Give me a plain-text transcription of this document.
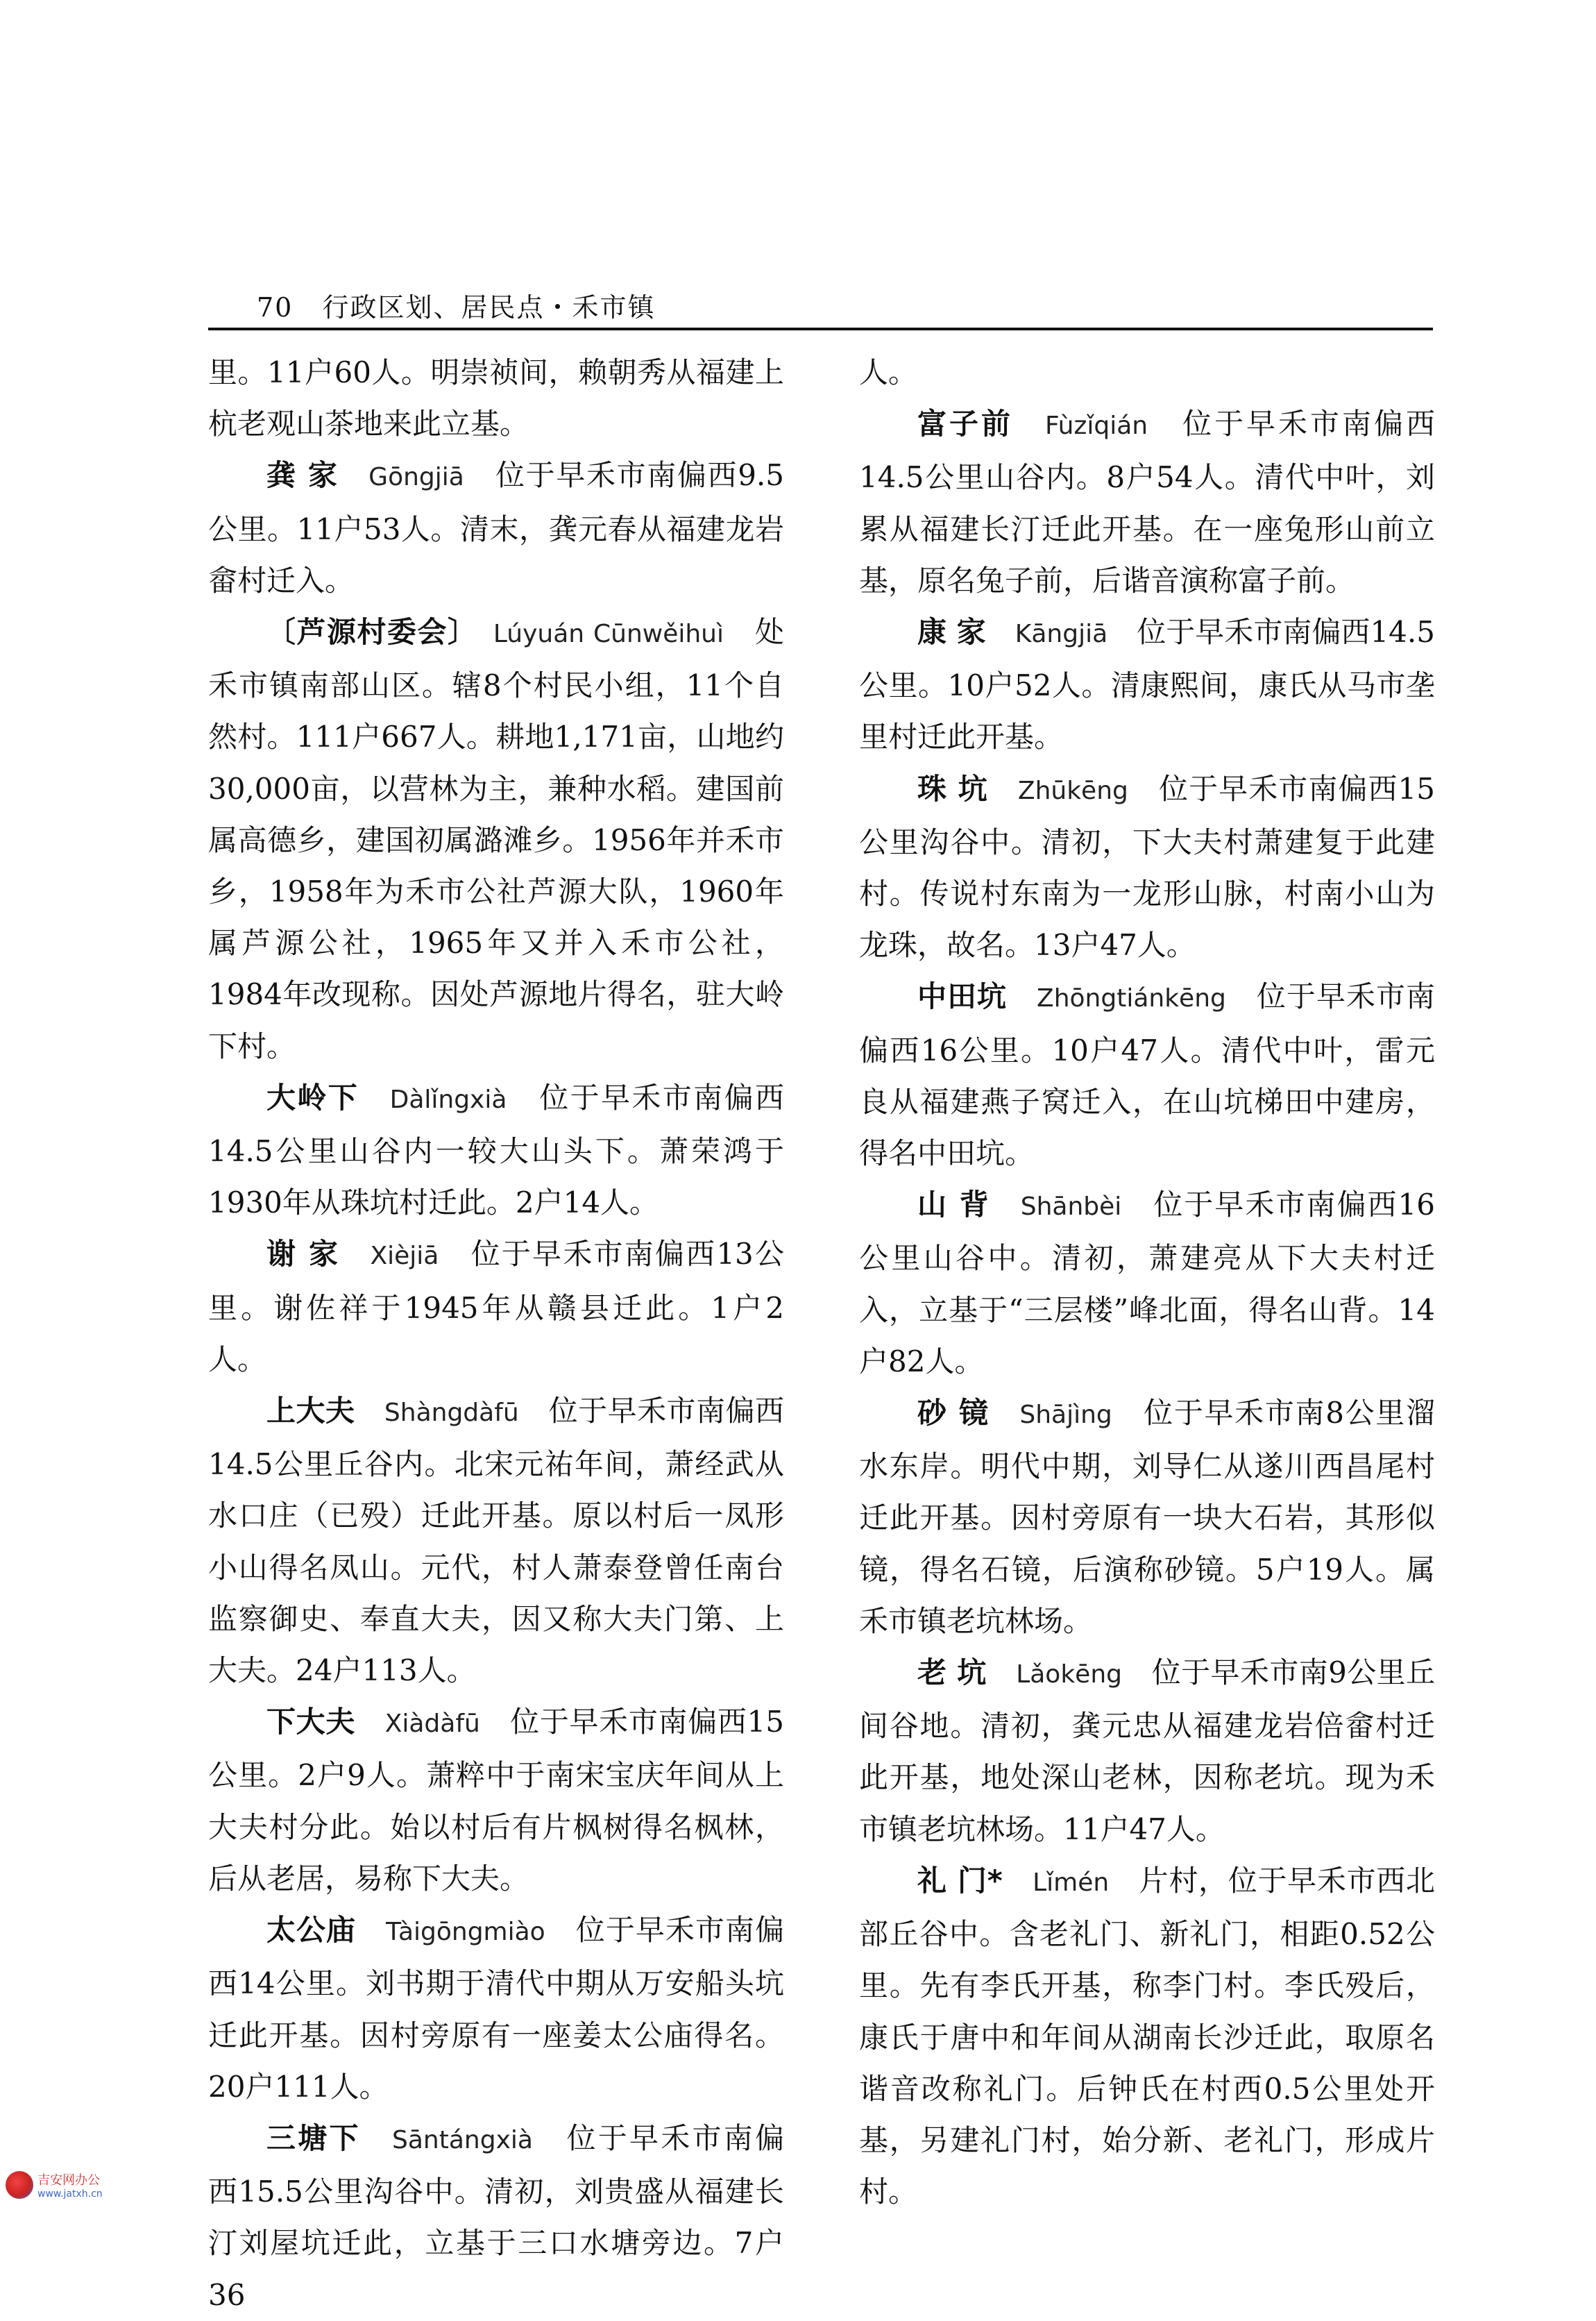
70 行政区划、居民点・禾市镇

里。11户60人。明崇祯间，赖朝秀从福建上杭老观山茶地来此立基。

龚 家　 Gōngjiā　 位于早禾市南偏西9.5公里。11户53人。清末，龚元春从福建龙岩畲村迁入。

〔芦源村委会〕　 Lúyuán Cūnwěihuì　 处禾市镇南部山区。辖8个村民小组，11个自然村。111户667人。耕地1,171亩，山地约30,000亩，以营林为主，兼种水稻。建国前属高德乡，建国初属潞滩乡。1956年并禾市乡，1958年为禾市公社芦源大队，1960年属芦源公社，1965年又并入禾市公社，1984年改现称。因处芦源地片得名，驻大岭下村。

大岭下　 Dàlǐngxià　 位于早禾市南偏西14.5公里山谷内一较大山头下。萧荣鸿于1930年从珠坑村迁此。2户14人。

谢 家　 Xièjiā　 位于早禾市南偏西13公里。谢佐祥于1945年从赣县迁此。1户2人。

上大夫　 Shàngdàfū　 位于早禾市南偏西14.5公里丘谷内。北宋元祐年间，萧经武从水口庄（已殁）迁此开基。原以村后一凤形小山得名凤山。元代，村人萧泰登曾任南台监察御史、奉直大夫，因又称大夫门第、上大夫。24户113人。

下大夫　 Xiàdàfū　 位于早禾市南偏西15公里。2户9人。萧粹中于南宋宝庆年间从上大夫村分此。始以村后有片枫树得名枫林，后从老居，易称下大夫。

太公庙　 Tàigōngmiào　 位于早禾市南偏西14公里。刘书期于清代中期从万安船头坑迁此开基。因村旁原有一座姜太公庙得名。20户111人。

三塘下　 Sāntángxià　 位于早禾市南偏西15.5公里沟谷中。清初，刘贵盛从福建长汀刘屋坑迁此，立基于三口水塘旁边。7户36

人。

富子前　 Fùzǐqián　 位于早禾市南偏西14.5公里山谷内。8户54人。清代中叶，刘累从福建长汀迁此开基。在一座兔形山前立基，原名兔子前，后谐音演称富子前。

康 家　 Kāngjiā　 位于早禾市南偏西14.5公里。10户52人。清康熙间，康氏从马市垄里村迁此开基。

珠 坑　 Zhūkēng　 位于早禾市南偏西15公里沟谷中。清初，下大夫村萧建复于此建村。传说村东南为一龙形山脉，村南小山为龙珠，故名。13户47人。

中田坑　 Zhōngtiánkēng　 位于早禾市南偏西16公里。10户47人。清代中叶，雷元良从福建燕子窝迁入，在山坑梯田中建房，得名中田坑。

山 背　 Shānbèi　 位于早禾市南偏西16公里山谷中。清初，萧建亮从下大夫村迁入，立基于“三层楼”峰北面，得名山背。14户82人。

砂 镜　 Shājìng　 位于早禾市南8公里溜水东岸。明代中期，刘导仁从遂川西昌尾村迁此开基。因村旁原有一块大石岩，其形似镜，得名石镜，后演称砂镜。5户19人。属禾市镇老坑林场。

老 坑　 Lǎokēng　 位于早禾市南9公里丘间谷地。清初，龚元忠从福建龙岩倍畲村迁此开基，地处深山老林，因称老坑。现为禾市镇老坑林场。11户47人。

礼 门*　 Lǐmén　 片村，位于早禾市西北部丘谷中。含老礼门、新礼门，相距0.52公里。先有李氏开基，称李门村。李氏殁后，康氏于唐中和年间从湖南长沙迁此，取原名谐音改称礼门。后钟氏在村西0.5公里处开基，另建礼门村，始分新、老礼门，形成片村。

吉安网办公
www.jatxh.cn
